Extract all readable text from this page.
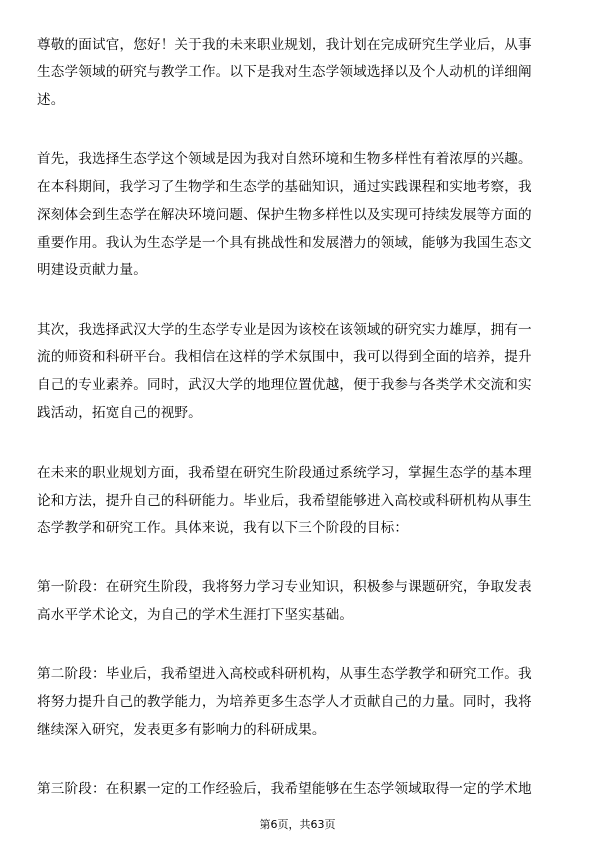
尊敬的面试官，您好！关于我的未来职业规划，我计划在完成研究生学业后，从事
生态学领域的研究与教学工作。以下是我对生态学领域选择以及个人动机的详细阐
述。
首先，我选择生态学这个领域是因为我对自然环境和生物多样性有着浓厚的兴趣。
在本科期间，我学习了生物学和生态学的基础知识，通过实践课程和实地考察，我
深刻体会到生态学在解决环境问题、保护生物多样性以及实现可持续发展等方面的
重要作用。我认为生态学是一个具有挑战性和发展潜力的领域，能够为我国生态文
明建设贡献力量。
其次，我选择武汉大学的生态学专业是因为该校在该领域的研究实力雄厚，拥有一
流的师资和科研平台。我相信在这样的学术氛围中，我可以得到全面的培养，提升
自己的专业素养。同时，武汉大学的地理位置优越，便于我参与各类学术交流和实
践活动，拓宽自己的视野。
在未来的职业规划方面，我希望在研究生阶段通过系统学习，掌握生态学的基本理
论和方法，提升自己的科研能力。毕业后，我希望能够进入高校或科研机构从事生
态学教学和研究工作。具体来说，我有以下三个阶段的目标：
第一阶段：在研究生阶段，我将努力学习专业知识，积极参与课题研究，争取发表
高水平学术论文，为自己的学术生涯打下坚实基础。
第二阶段：毕业后，我希望进入高校或科研机构，从事生态学教学和研究工作。我
将努力提升自己的教学能力，为培养更多生态学人才贡献自己的力量。同时，我将
继续深入研究，发表更多有影响力的科研成果。
第三阶段：在积累一定的工作经验后，我希望能够在生态学领域取得一定的学术地
第6页，共63页
